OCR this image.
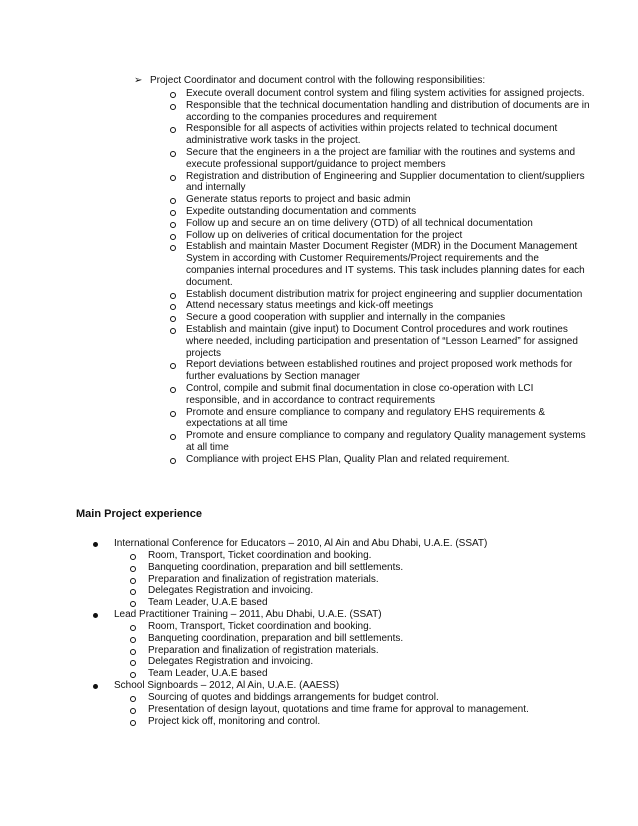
➢ Project Coordinator and document control with the following responsibilities:
Execute overall document control system and filing system activities for assigned projects.
Responsible that the technical documentation handling and distribution of documents are in according to the companies procedures and requirement
Responsible for all aspects of activities within projects related to technical document administrative work tasks in the project.
Secure that the engineers in a the project are familiar with the routines and systems and execute professional support/guidance to project members
Registration and distribution of Engineering and Supplier documentation to client/suppliers and internally
Generate status reports to project and basic admin
Expedite outstanding documentation and comments
Follow up and secure an on time delivery (OTD) of all technical documentation
Follow up on deliveries of critical documentation for the project
Establish and maintain Master Document Register (MDR) in the Document Management System in according with Customer Requirements/Project requirements and the companies internal procedures and IT systems. This task includes planning dates for each document.
Establish document distribution matrix for project engineering and supplier documentation
Attend necessary status meetings and kick-off meetings
Secure a good cooperation with supplier and internally in the companies
Establish and maintain (give input) to Document Control procedures and work routines where needed, including participation and presentation of “Lesson Learned” for assigned projects
Report deviations between established routines and project proposed work methods for further evaluations by Section manager
Control, compile and submit final documentation in close co-operation with LCI responsible, and in accordance to contract requirements
Promote and ensure compliance to company and regulatory EHS requirements & expectations at all time
Promote and ensure compliance to company and regulatory Quality management systems at all time
Compliance with project EHS Plan, Quality Plan and related requirement.
Main Project experience
International Conference for Educators – 2010, Al Ain and Abu Dhabi, U.A.E. (SSAT)
Room, Transport, Ticket coordination and booking.
Banqueting coordination, preparation and bill settlements.
Preparation and finalization of registration materials.
Delegates Registration and invoicing.
Team Leader, U.A.E based
Lead Practitioner Training – 2011, Abu Dhabi, U.A.E. (SSAT)
Room, Transport, Ticket coordination and booking.
Banqueting coordination, preparation and bill settlements.
Preparation and finalization of registration materials.
Delegates Registration and invoicing.
Team Leader, U.A.E based
School Signboards – 2012, Al Ain, U.A.E. (AAESS)
Sourcing of quotes and biddings arrangements for budget control.
Presentation of design layout, quotations and time frame for approval to management.
Project kick off, monitoring and control.
